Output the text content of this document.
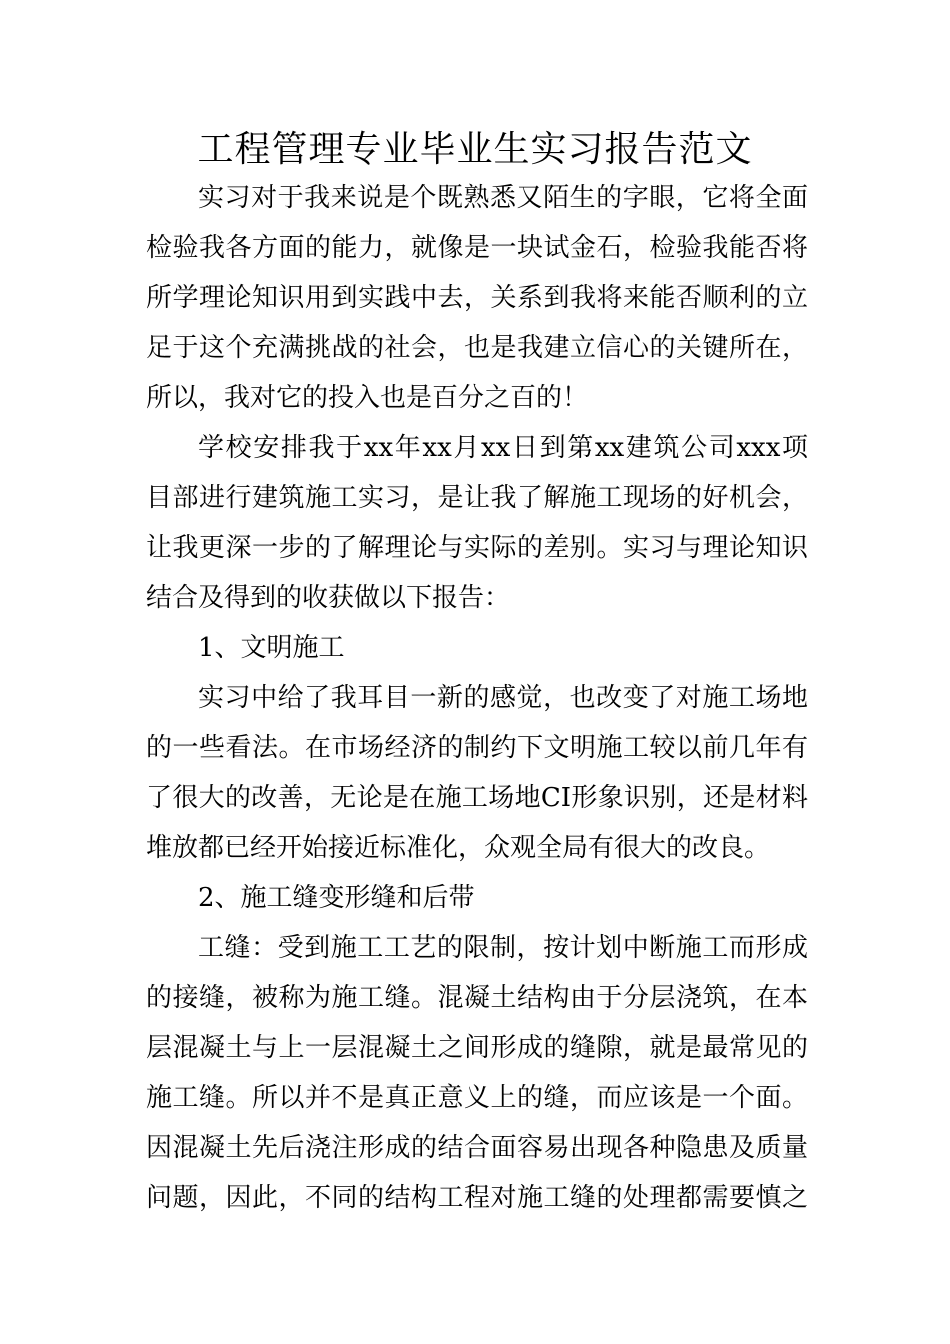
工程管理专业毕业生实习报告范文
实习对于我来说是个既熟悉又陌生的字眼，它将全面
检验我各方面的能力，就像是一块试金石，检验我能否将
所学理论知识用到实践中去，关系到我将来能否顺利的立
足于这个充满挑战的社会，也是我建立信心的关键所在，
所以，我对它的投入也是百分之百的！
学校安排我于xx年xx月xx日到第xx建筑公司xxx项
目部进行建筑施工实习，是让我了解施工现场的好机会，
让我更深一步的了解理论与实际的差别。实习与理论知识
结合及得到的收获做以下报告：
1、文明施工
实习中给了我耳目一新的感觉，也改变了对施工场地
的一些看法。在市场经济的制约下文明施工较以前几年有
了很大的改善，无论是在施工场地CI形象识别，还是材料
堆放都已经开始接近标准化，众观全局有很大的改良。
2、施工缝变形缝和后带
工缝：受到施工工艺的限制，按计划中断施工而形成
的接缝，被称为施工缝。混凝土结构由于分层浇筑，在本
层混凝土与上一层混凝土之间形成的缝隙，就是最常见的
施工缝。所以并不是真正意义上的缝，而应该是一个面。
因混凝土先后浇注形成的结合面容易出现各种隐患及质量
问题，因此，不同的结构工程对施工缝的处理都需要慎之
